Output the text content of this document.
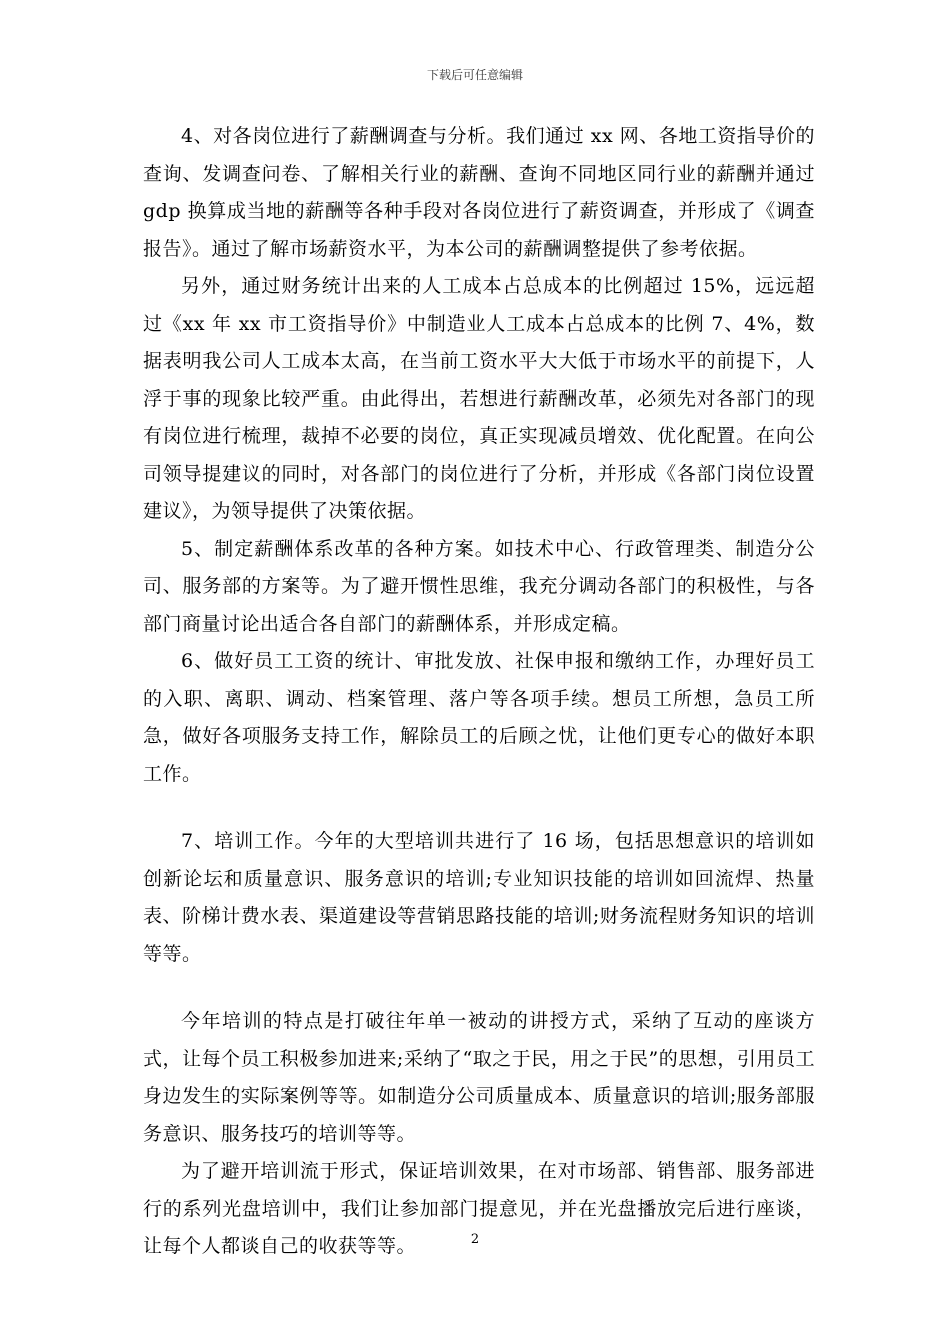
下载后可任意编辑

4、对各岗位进行了薪酬调查与分析。我们通过 xx 网、各地工资指导价的查询、发调查问卷、了解相关行业的薪酬、查询不同地区同行业的薪酬并通过 gdp 换算成当地的薪酬等各种手段对各岗位进行了薪资调查，并形成了《调查报告》。通过了解市场薪资水平，为本公司的薪酬调整提供了参考依据。

另外，通过财务统计出来的人工成本占总成本的比例超过 15%，远远超过《xx 年 xx 市工资指导价》中制造业人工成本占总成本的比例 7、4%，数据表明我公司人工成本太高，在当前工资水平大大低于市场水平的前提下，人浮于事的现象比较严重。由此得出，若想进行薪酬改革，必须先对各部门的现有岗位进行梳理，裁掉不必要的岗位，真正实现减员增效、优化配置。在向公司领导提建议的同时，对各部门的岗位进行了分析，并形成《各部门岗位设置建议》，为领导提供了决策依据。

5、制定薪酬体系改革的各种方案。如技术中心、行政管理类、制造分公司、服务部的方案等。为了避开惯性思维，我充分调动各部门的积极性，与各部门商量讨论出适合各自部门的薪酬体系，并形成定稿。

6、做好员工工资的统计、审批发放、社保申报和缴纳工作，办理好员工的入职、离职、调动、档案管理、落户等各项手续。想员工所想，急员工所急，做好各项服务支持工作，解除员工的后顾之忧，让他们更专心的做好本职工作。

7、培训工作。今年的大型培训共进行了 16 场，包括思想意识的培训如创新论坛和质量意识、服务意识的培训;专业知识技能的培训如回流焊、热量表、阶梯计费水表、渠道建设等营销思路技能的培训;财务流程财务知识的培训等等。

今年培训的特点是打破往年单一被动的讲授方式，采纳了互动的座谈方式，让每个员工积极参加进来;采纳了“取之于民，用之于民”的思想，引用员工身边发生的实际案例等等。如制造分公司质量成本、质量意识的培训;服务部服务意识、服务技巧的培训等等。

为了避开培训流于形式，保证培训效果，在对市场部、销售部、服务部进行的系列光盘培训中，我们让参加部门提意见，并在光盘播放完后进行座谈，让每个人都谈自己的收获等等。	2
